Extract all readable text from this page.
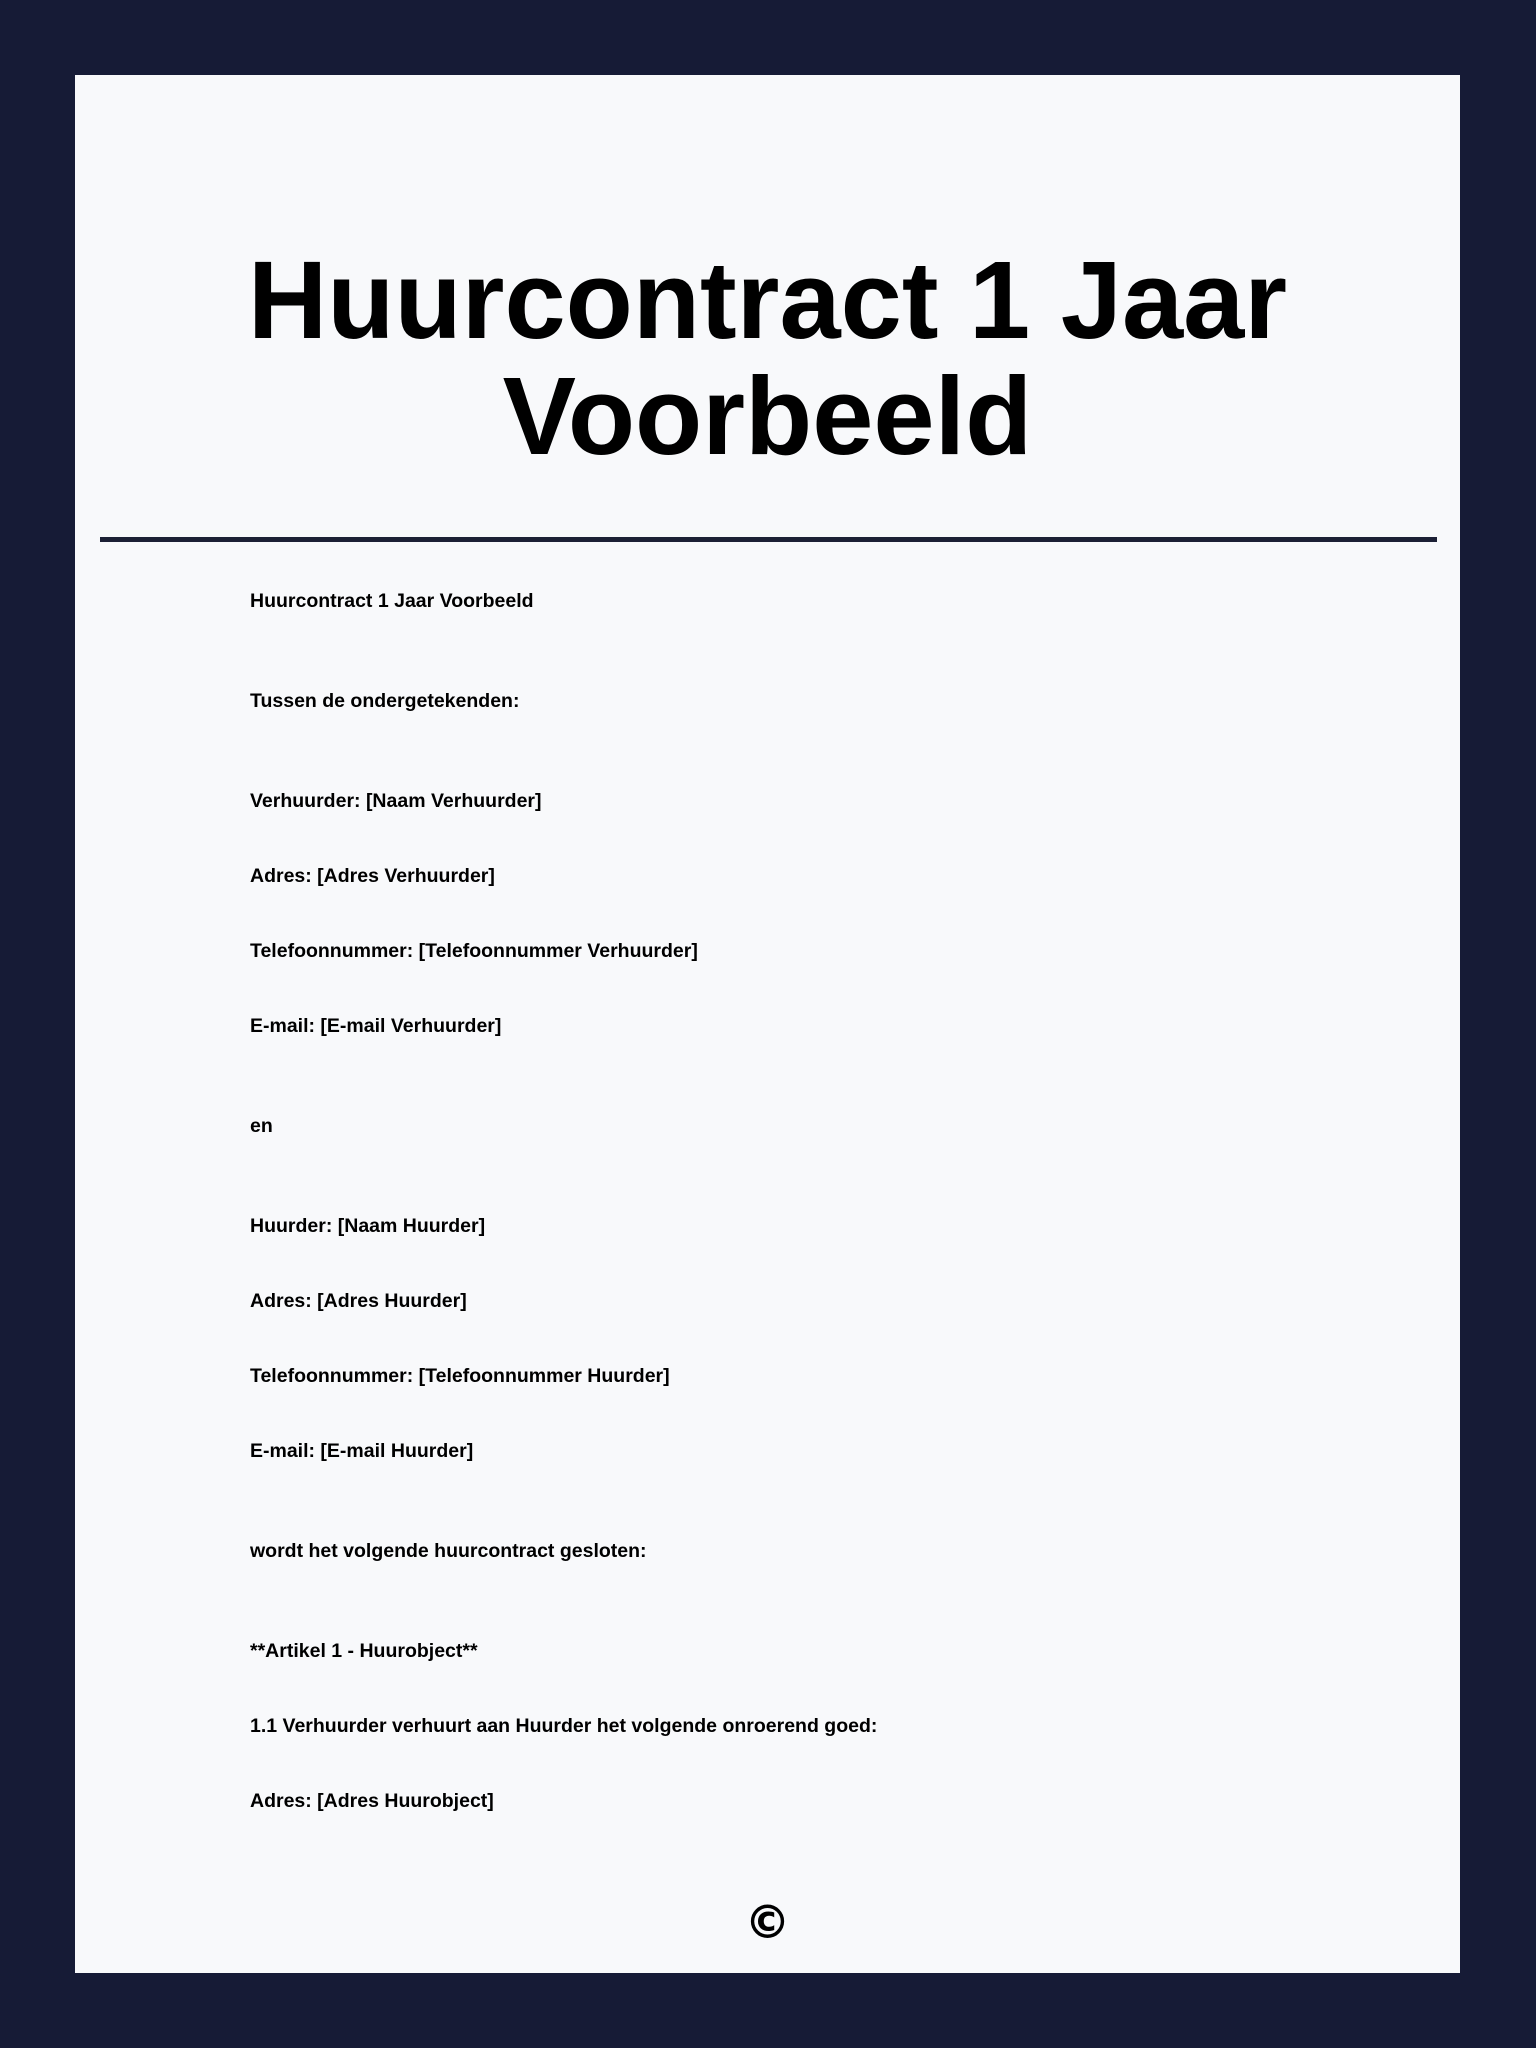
Huurcontract 1 Jaar Voorbeeld

Huurcontract 1 Jaar Voorbeeld

Tussen de ondergetekenden:

Verhuurder: [Naam Verhuurder]

Adres: [Adres Verhuurder]

Telefoonnummer: [Telefoonnummer Verhuurder]

E-mail: [E-mail Verhuurder]

en

Huurder: [Naam Huurder]

Adres: [Adres Huurder]

Telefoonnummer: [Telefoonnummer Huurder]

E-mail: [E-mail Huurder]

wordt het volgende huurcontract gesloten:

**Artikel 1 - Huurobject**

1.1 Verhuurder verhuurt aan Huurder het volgende onroerend goed:

Adres: [Adres Huurobject]

©
